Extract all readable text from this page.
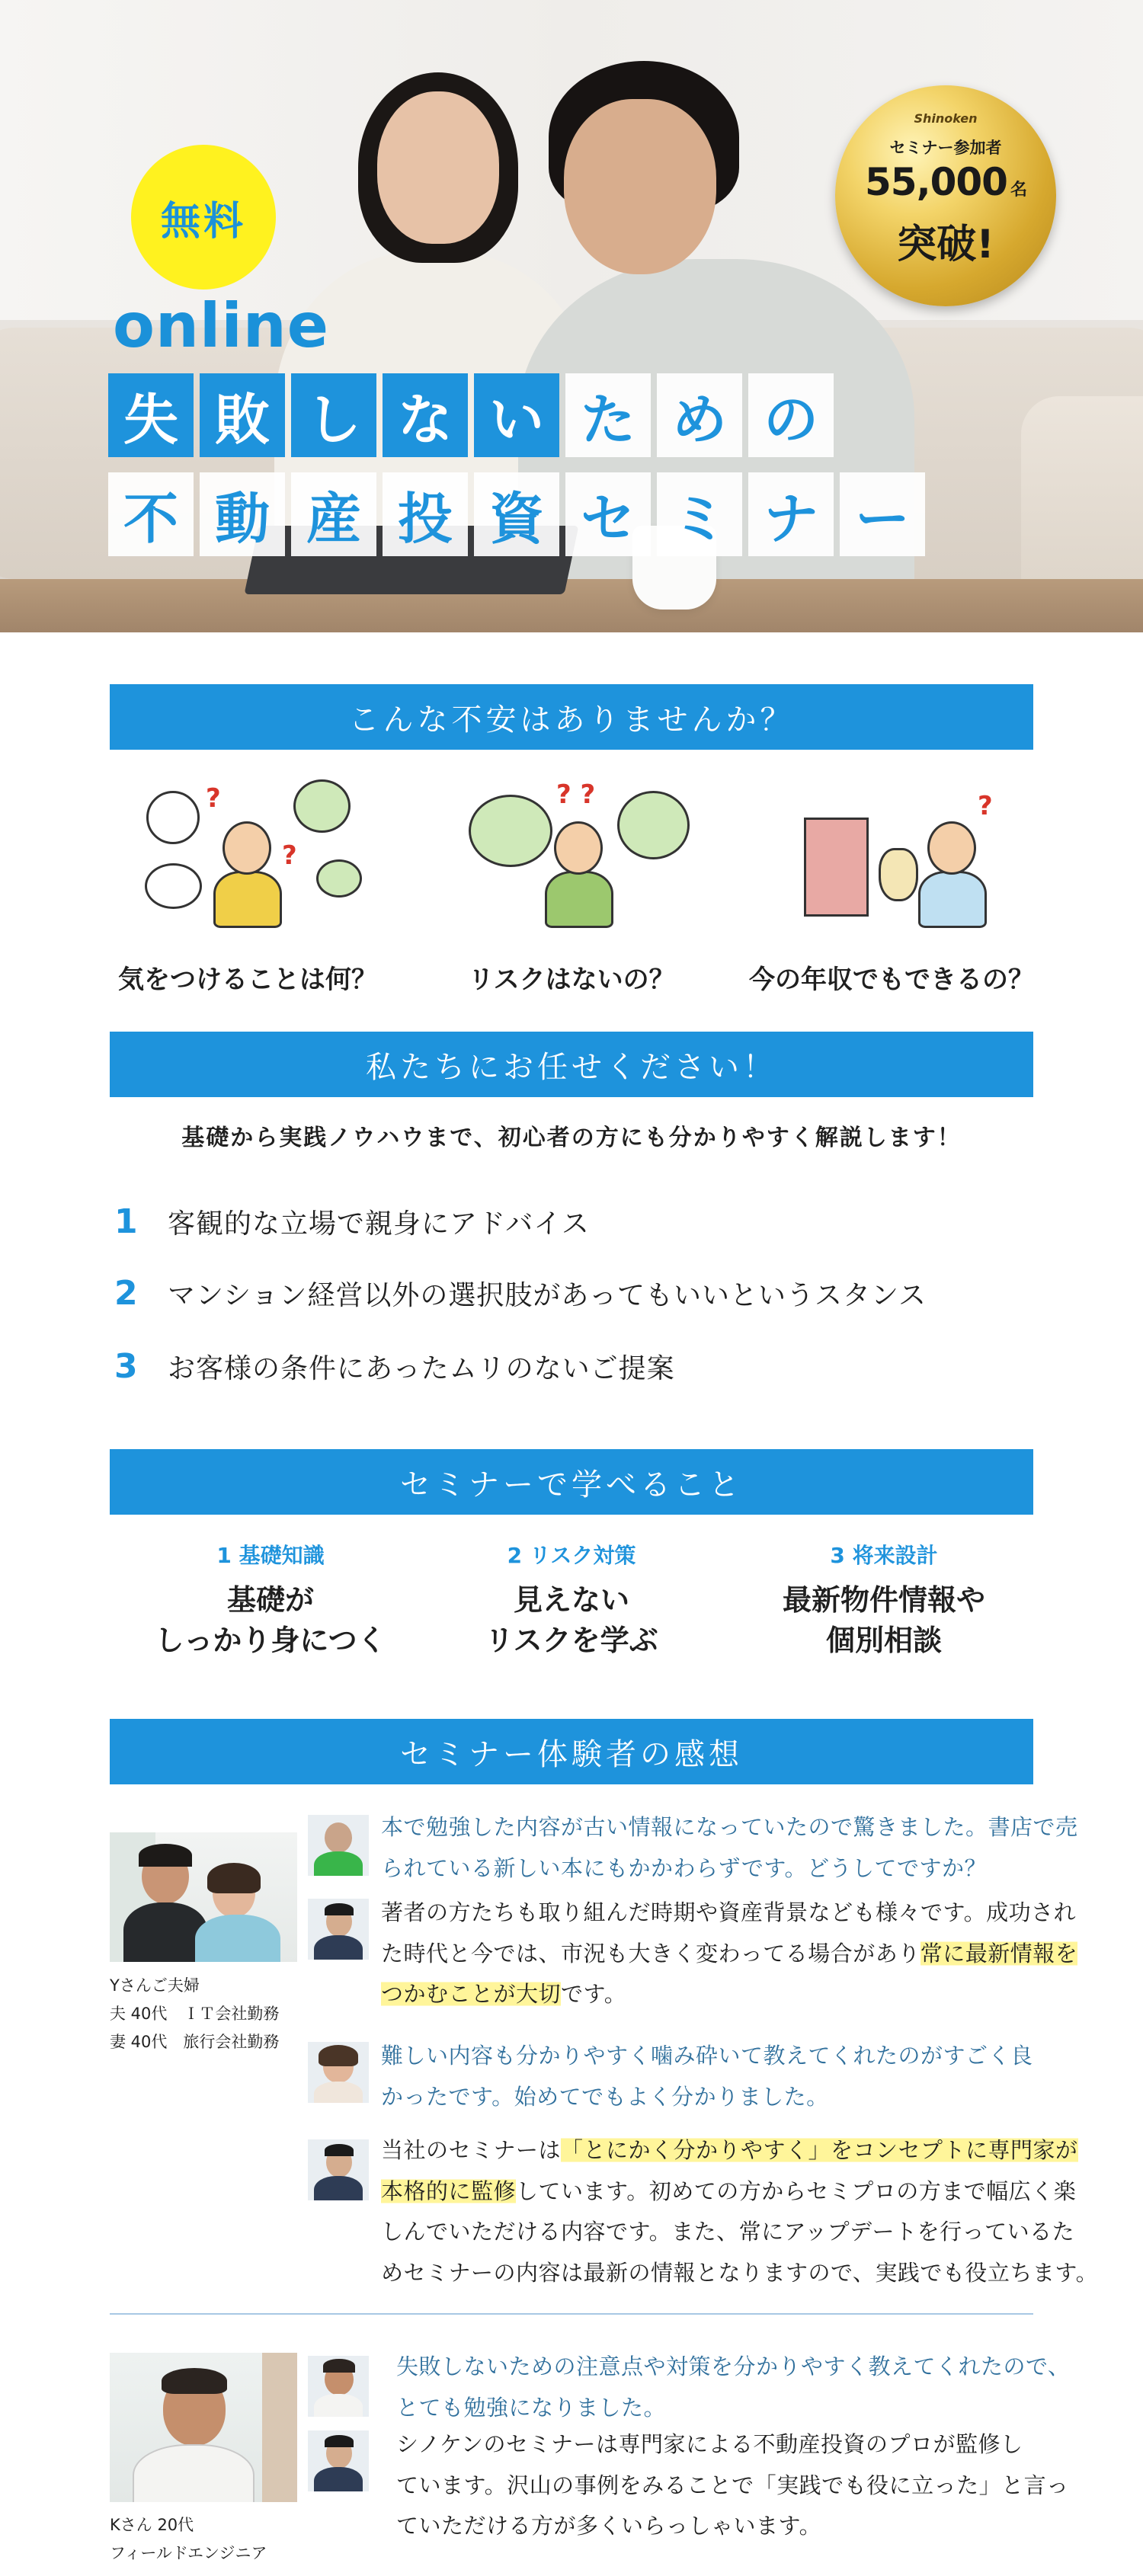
無料
Shinoken
セミナー参加者
55,000 名
突破!
online
失 敗 し な い た め の
不 動 産 投 資 セ ミ ナ ー
こんな不安はありませんか？
?
?
気をつけることは何？
? ?
リスクはないの？
?
今の年収でもできるの？
私たちにお任せください！
基礎から実践ノウハウまで、初心者の方にも分かりやすく解説します！
1 客観的な立場で親身にアドバイス
2 マンション経営以外の選択肢があってもいいというスタンス
3 お客様の条件にあったムリのないご提案
セミナーで学べること
1 基礎知識
基礎が
しっかり身につく
2 リスク対策
見えない
リスクを学ぶ
3 将来設計
最新物件情報や
個別相談
セミナー体験者の感想
Yさんご夫婦
夫 40代　ＩＴ会社勤務
妻 40代　旅行会社勤務
本で勉強した内容が古い情報になっていたので驚きました。書店で売
られている新しい本にもかかわらずです。どうしてですか？
著者の方たちも取り組んだ時期や資産背景なども様々です。成功され
た時代と今では、市況も大きく変わってる場合があり常に最新情報を
つかむことが大切です。
難しい内容も分かりやすく噛み砕いて教えてくれたのがすごく良
かったです。始めてでもよく分かりました。
当社のセミナーは「とにかく分かりやすく」をコンセプトに専門家が
本格的に監修しています。初めての方からセミプロの方まで幅広く楽
しんでいただける内容です。また、常にアップデートを行っているた
めセミナーの内容は最新の情報となりますので、実践でも役立ちます。
Kさん 20代
フィールドエンジニア
失敗しないための注意点や対策を分かりやすく教えてくれたので、
とても勉強になりました。
シノケンのセミナーは専門家による不動産投資のプロが監修し
ています。沢山の事例をみることで「実践でも役に立った」と言っ
ていただける方が多くいらっしゃいます。
